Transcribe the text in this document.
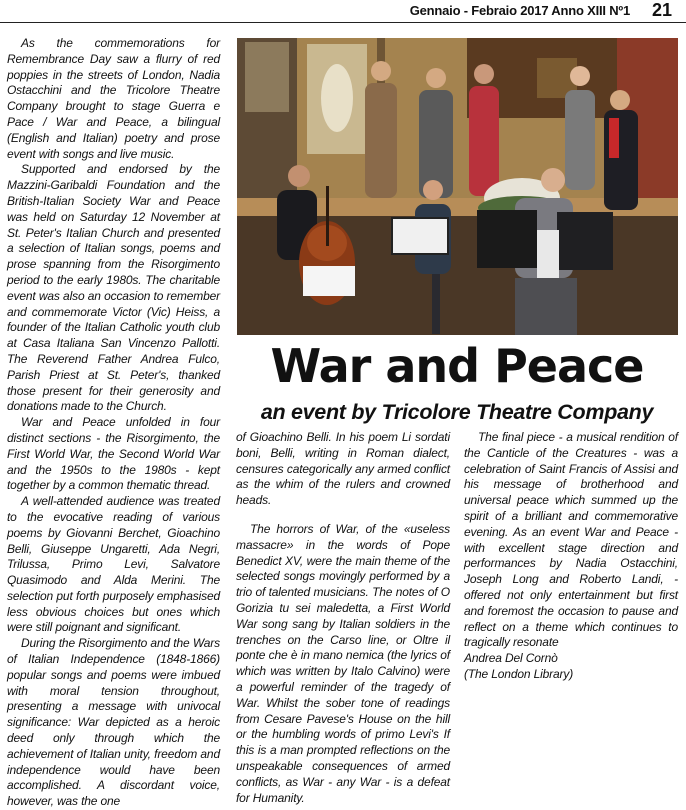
Gennaio - Febraio 2017 Anno XIII Nº1 21

As the commemorations for Remembrance Day saw a flurry of red poppies in the streets of London, Nadia Ostacchini and the Tricolore Theatre Company brought to stage Guerra e Pace / War and Peace, a bilingual (English and Italian) poetry and prose event with songs and live music.

Supported and endorsed by the Mazzini-Garibaldi Foundation and the British-Italian Society War and Peace was held on Saturday 12 November at St. Peter's Italian Church and presented a selection of Italian songs, poems and prose spanning from the Risorgimento period to the early 1980s. The charitable event was also an occasion to remember and commemorate Victor (Vic) Heiss, a founder of the Italian Catholic youth club at Casa Italiana San Vincenzo Pallotti. The Reverend Father Andrea Fulco, Parish Priest at St. Peter's, thanked those present for their generosity and donations made to the Church.

War and Peace unfolded in four distinct sections - the Risorgimento, the First World War, the Second World War and the 1950s to the 1980s - kept together by a common thematic thread.

A well-attended audience was treated to the evocative reading of various poems by Giovanni Berchet, Gioachino Belli, Giuseppe Ungaretti, Ada Negri, Trilussa, Primo Levi, Salvatore Quasimodo and Alda Merini. The selection put forth purposely emphasised less obvious choices but ones which were still poignant and significant.

During the Risorgimento and the Wars of Italian Independence (1848-1866) popular songs and poems were imbued with moral tension throughout, presenting a message with univocal significance: War depicted as a heroic deed only through which the achievement of Italian unity, freedom and independence would have been accomplished. A discordant voice, however, was the one

War and Peace
an event by Tricolore Theatre Company

of Gioachino Belli. In his poem Li sordati boni, Belli, writing in Roman dialect, censures categorically any armed conflict as the whim of the rulers and crowned heads.

The horrors of War, of the «useless massacre» in the words of Pope Benedict XV, were the main theme of the selected songs movingly performed by a trio of talented musicians. The notes of O Gorizia tu sei maledetta, a First World War song sang by Italian soldiers in the trenches on the Carso line, or Oltre il ponte che è in mano nemica (the lyrics of which was written by Italo Calvino) were a powerful reminder of the tragedy of War. Whilst the sober tone of readings from Cesare Pavese's House on the hill or the humbling words of primo Levi's If this is a man prompted reflections on the unspeakable consequences of armed conflicts, as War - any War - is a defeat for Humanity.

The final piece - a musical rendition of the Canticle of the Creatures - was a celebration of Saint Francis of Assisi and his message of brotherhood and universal peace which summed up the spirit of a brilliant and commemorative evening. As an event War and Peace - with excellent stage direction and performances by Nadia Ostacchini, Joseph Long and Roberto Landi, - offered not only entertainment but first and foremost the occasion to pause and reflect on a theme which continues to tragically resonate

Andrea Del Cornò

(The London Library)
